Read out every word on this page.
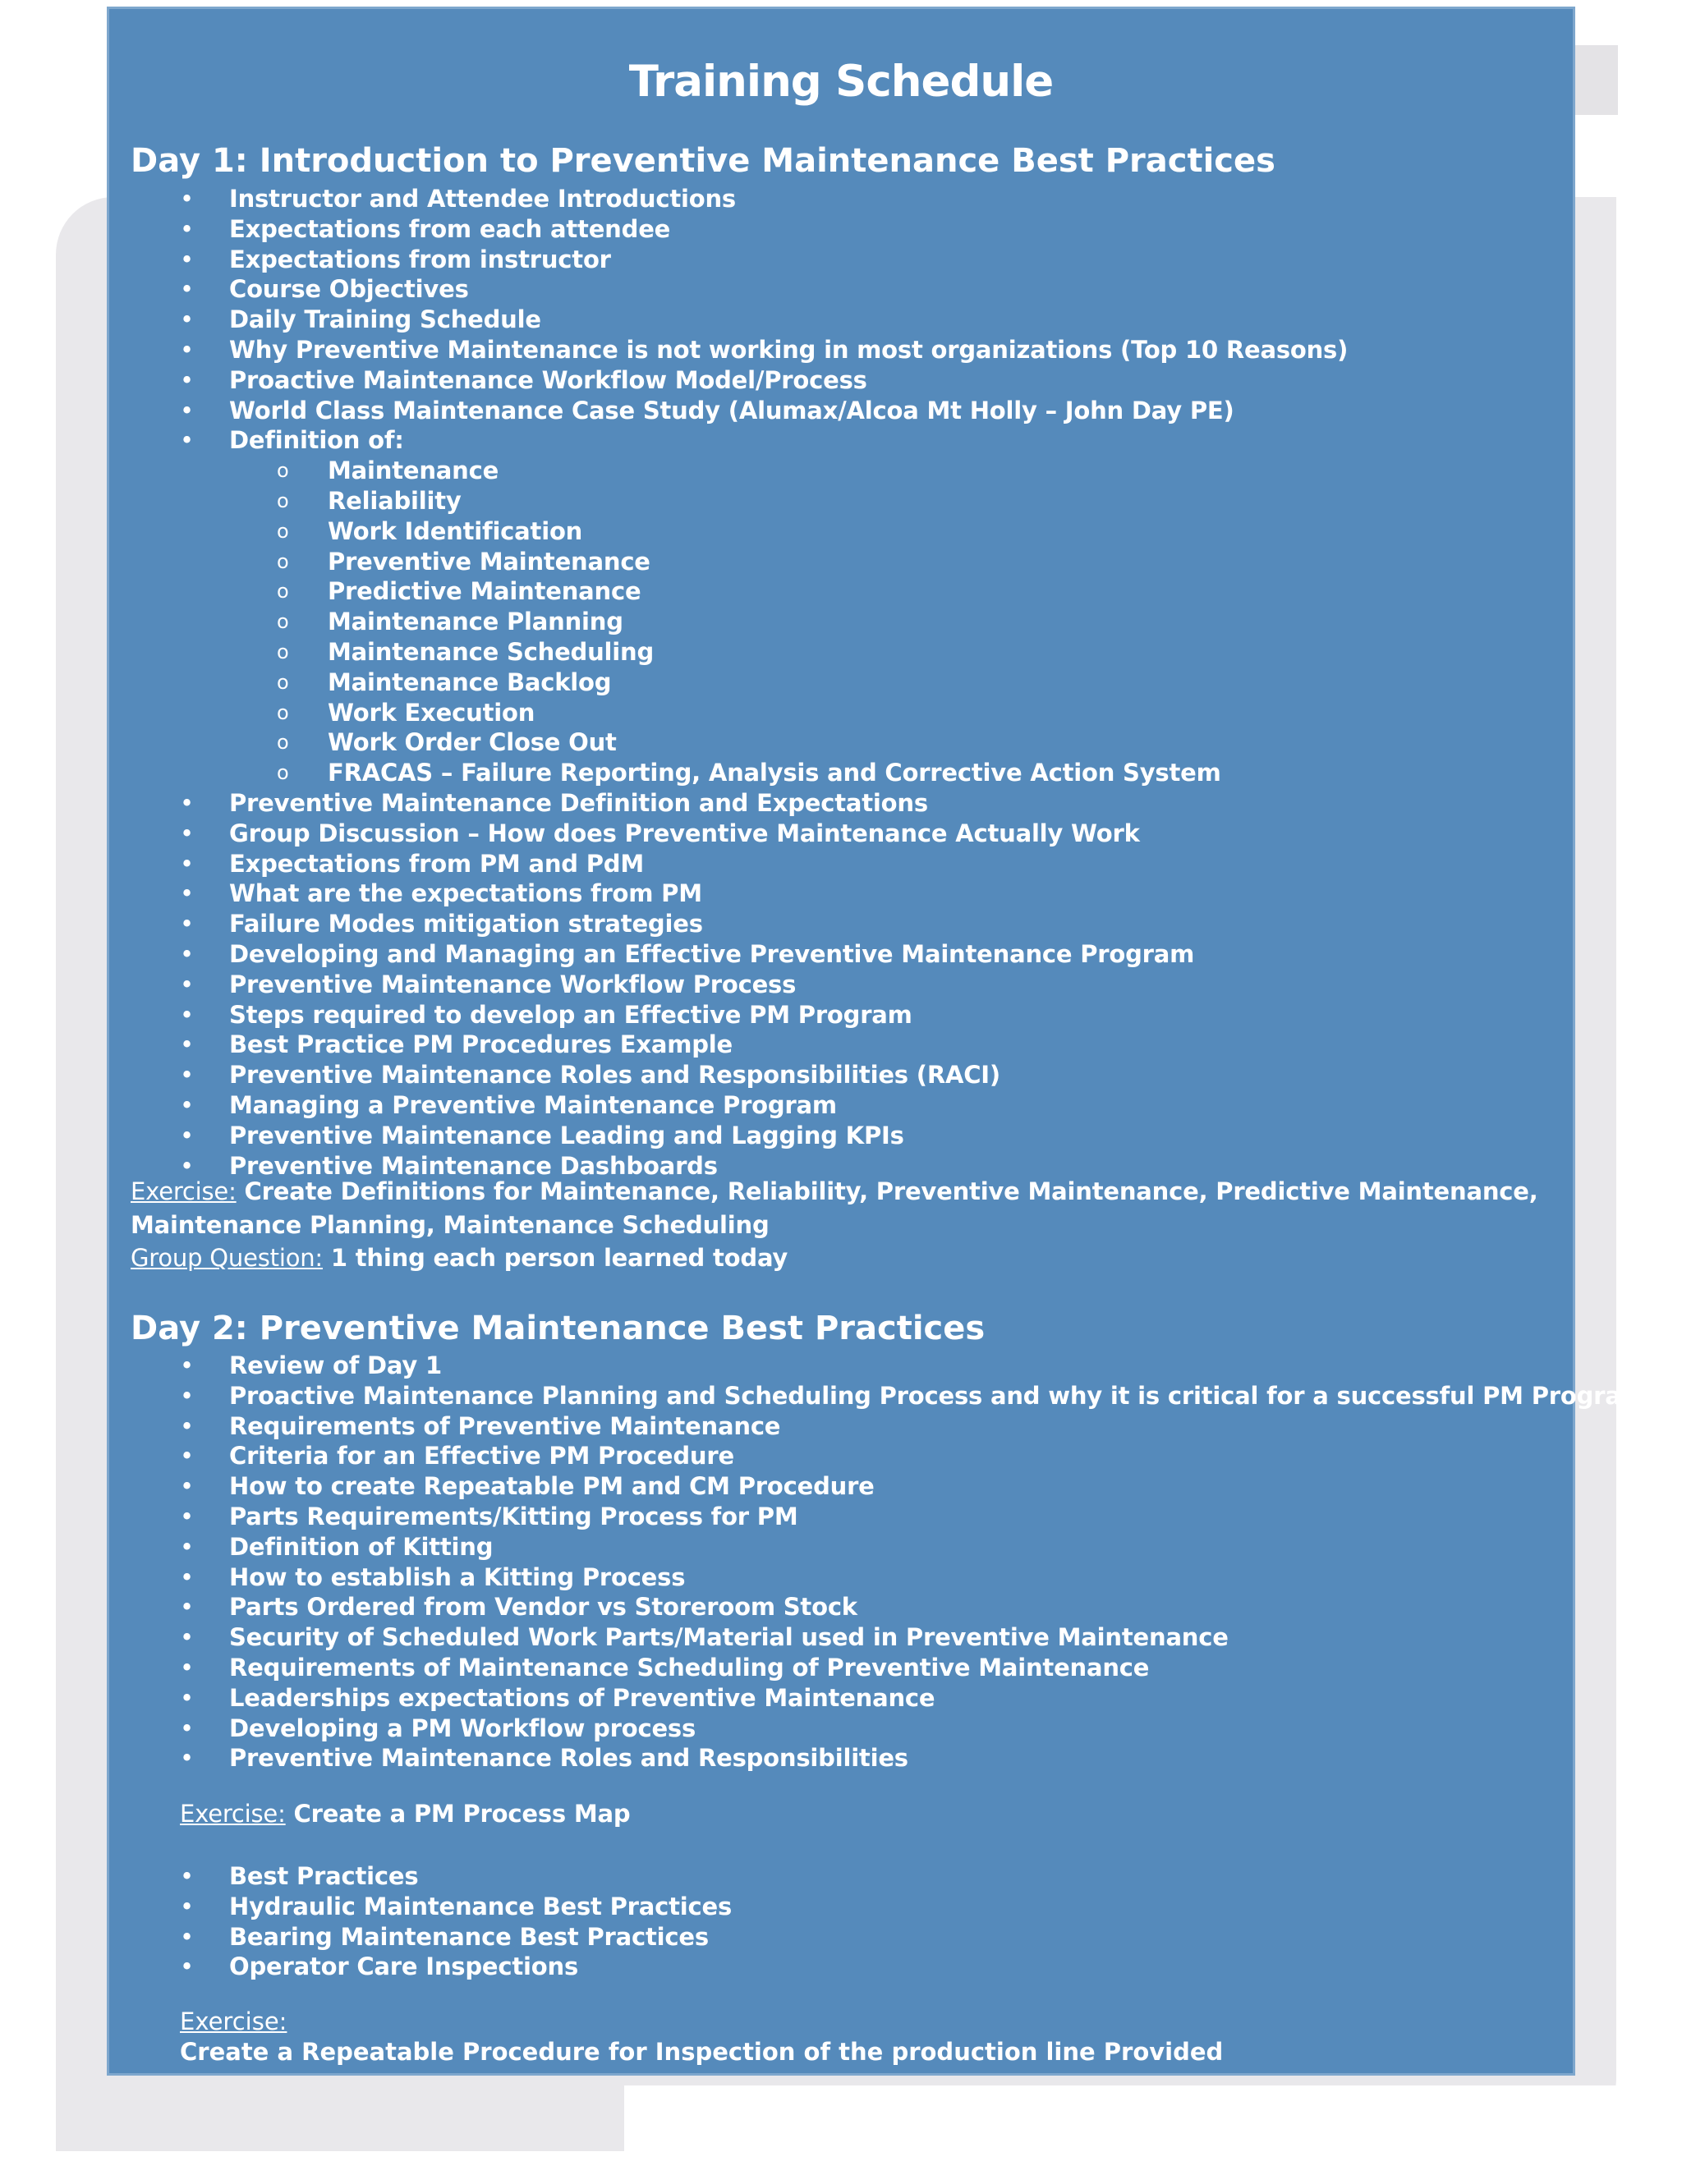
Training Schedule
Day 1: Introduction to Preventive Maintenance Best Practices
• Instructor and Attendee Introductions
• Expectations from each attendee
• Expectations from instructor
• Course Objectives
• Daily Training Schedule
• Why Preventive Maintenance is not working in most organizations (Top 10 Reasons)
• Proactive Maintenance Workflow Model/Process
• World Class Maintenance Case Study (Alumax/Alcoa Mt Holly – John Day PE)
• Definition of:
o Maintenance
o Reliability
o Work Identification
o Preventive Maintenance
o Predictive Maintenance
o Maintenance Planning
o Maintenance Scheduling
o Maintenance Backlog
o Work Execution
o Work Order Close Out
o FRACAS – Failure Reporting, Analysis and Corrective Action System
• Preventive Maintenance Definition and Expectations
• Group Discussion – How does Preventive Maintenance Actually Work
• Expectations from PM and PdM
• What are the expectations from PM
• Failure Modes mitigation strategies
• Developing and Managing an Effective Preventive Maintenance Program
• Preventive Maintenance Workflow Process
• Steps required to develop an Effective PM Program
• Best Practice PM Procedures Example
• Preventive Maintenance Roles and Responsibilities (RACI)
• Managing a Preventive Maintenance Program
• Preventive Maintenance Leading and Lagging KPIs
• Preventive Maintenance Dashboards
Exercise: Create Definitions for Maintenance, Reliability, Preventive Maintenance, Predictive Maintenance,
Maintenance Planning, Maintenance Scheduling
Group Question: 1 thing each person learned today
Day 2: Preventive Maintenance Best Practices
• Review of Day 1
• Proactive Maintenance Planning and Scheduling Process and why it is critical for a successful PM Program
• Requirements of Preventive Maintenance
• Criteria for an Effective PM Procedure
• How to create Repeatable PM and CM Procedure
• Parts Requirements/Kitting Process for PM
• Definition of Kitting
• How to establish a Kitting Process
• Parts Ordered from Vendor vs Storeroom Stock
• Security of Scheduled Work Parts/Material used in Preventive Maintenance
• Requirements of Maintenance Scheduling of Preventive Maintenance
• Leaderships expectations of Preventive Maintenance
• Developing a PM Workflow process
• Preventive Maintenance Roles and Responsibilities
Exercise: Create a PM Process Map
• Best Practices
• Hydraulic Maintenance Best Practices
• Bearing Maintenance Best Practices
• Operator Care Inspections
Exercise:
Create a Repeatable Procedure for Inspection of the production line Provided
